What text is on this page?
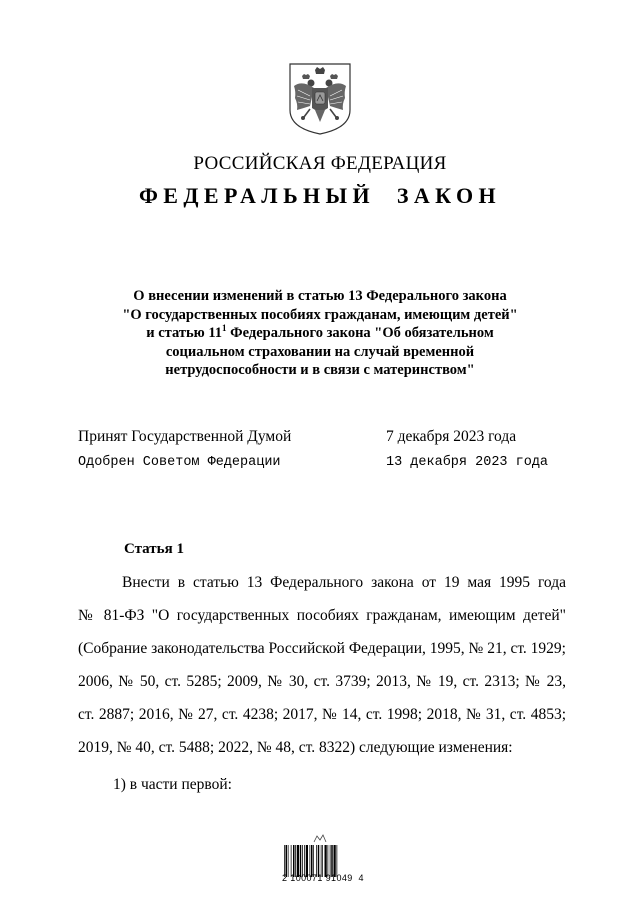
РОССИЙСКАЯ ФЕДЕРАЦИЯ
ФЕДЕРАЛЬНЫЙ  ЗАКОН
О внесении изменений в статью 13 Федерального закона
"О государственных пособиях гражданам, имеющим детей"
и статью $11^1$ Федерального закона "Об обязательном
социальном страховании на случай временной
нетрудоспособности и в связи с материнством"
Принят Государственной Думой	7 декабря 2023 года
Одобрен Советом Федерации	13 декабря 2023 года
Статья 1
Внести в статью 13 Федерального закона от 19 мая 1995 года
№ 81-ФЗ "О государственных пособиях гражданам, имеющим детей"
(Собрание законодательства Российской Федерации, 1995, № 21, ст. 1929;
2006, № 50, ст. 5285; 2009, № 30, ст. 3739; 2013, № 19, ст. 2313; № 23,
ст. 2887; 2016, № 27, ст. 4238; 2017, № 14, ст. 1998; 2018, № 31, ст. 4853;
2019, № 40, ст. 5488; 2022, № 48, ст. 8322) следующие изменения:
1) в части первой:
2 100071 91049  4
